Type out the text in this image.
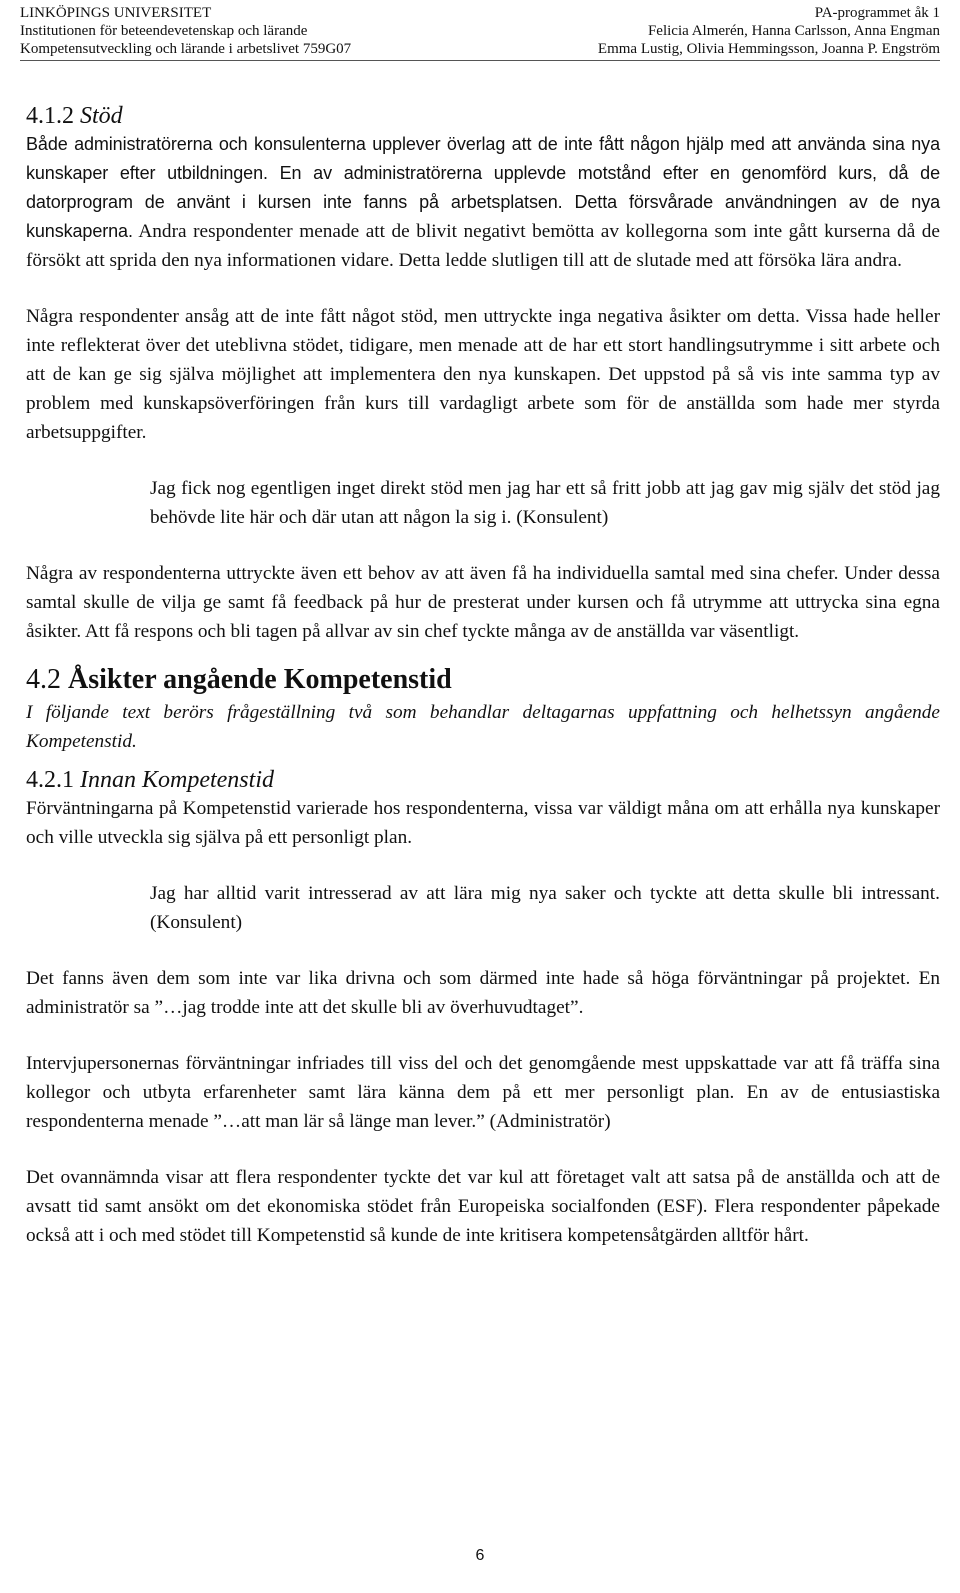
LINKÖPINGS UNIVERSITET
Institutionen för beteendevetenskap och lärande
Kompetensutveckling och lärande i arbetslivet 759G07
PA-programmet åk 1
Felicia Almerén, Hanna Carlsson, Anna Engman
Emma Lustig, Olivia Hemmingsson, Joanna P. Engström
4.1.2 Stöd

Både administratörerna och konsulenterna upplever överlag att de inte fått någon hjälp med att använda sina nya kunskaper efter utbildningen. En av administratörerna upplevde motstånd efter en genomförd kurs, då de datorprogram de använt i kursen inte fanns på arbetsplatsen. Detta försvårade användningen av de nya kunskaperna. Andra respondenter menade att de blivit negativt bemötta av kollegorna som inte gått kurserna då de försökt att sprida den nya informationen vidare. Detta ledde slutligen till att de slutade med att försöka lära andra.

Några respondenter ansåg att de inte fått något stöd, men uttryckte inga negativa åsikter om detta. Vissa hade heller inte reflekterat över det uteblivna stödet, tidigare, men menade att de har ett stort handlingsutrymme i sitt arbete och att de kan ge sig själva möjlighet att implementera den nya kunskapen. Det uppstod på så vis inte samma typ av problem med kunskapsöverföringen från kurs till vardagligt arbete som för de anställda som hade mer styrda arbetsuppgifter.

Jag fick nog egentligen inget direkt stöd men jag har ett så fritt jobb att jag gav mig själv det stöd jag behövde lite här och där utan att någon la sig i. (Konsulent)

Några av respondenterna uttryckte även ett behov av att även få ha individuella samtal med sina chefer. Under dessa samtal skulle de vilja ge samt få feedback på hur de presterat under kursen och få utrymme att uttrycka sina egna åsikter. Att få respons och bli tagen på allvar av sin chef tyckte många av de anställda var väsentligt.

4.2 Åsikter angående Kompetenstid

I följande text berörs frågeställning två som behandlar deltagarnas uppfattning och helhetssyn angående Kompetenstid.

4.2.1 Innan Kompetenstid

Förväntningarna på Kompetenstid varierade hos respondenterna, vissa var väldigt måna om att erhålla nya kunskaper och ville utveckla sig själva på ett personligt plan.

Jag har alltid varit intresserad av att lära mig nya saker och tyckte att detta skulle bli intressant. (Konsulent)

Det fanns även dem som inte var lika drivna och som därmed inte hade så höga förväntningar på projektet. En administratör sa ”…jag trodde inte att det skulle bli av överhuvudtaget”.

Intervjupersonernas förväntningar infriades till viss del och det genomgående mest uppskattade var att få träffa sina kollegor och utbyta erfarenheter samt lära känna dem på ett mer personligt plan. En av de entusiastiska respondenterna menade ”…att man lär så länge man lever.” (Administratör)

Det ovannämnda visar att flera respondenter tyckte det var kul att företaget valt att satsa på de anställda och att de avsatt tid samt ansökt om det ekonomiska stödet från Europeiska socialfonden (ESF). Flera respondenter påpekade också att i och med stödet till Kompetenstid så kunde de inte kritisera kompetensåtgärden alltför hårt.

6
